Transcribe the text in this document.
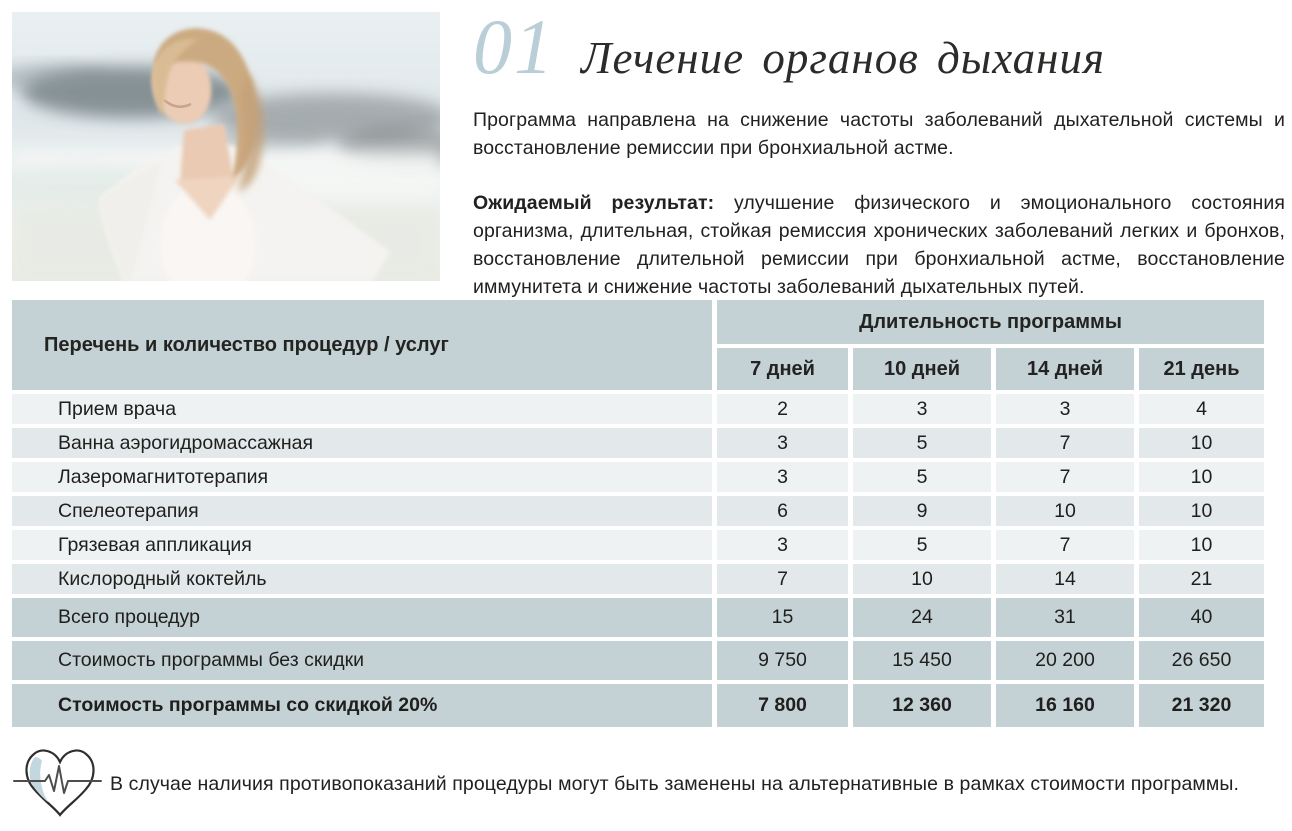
01 Лечение органов дыхания

Программа направлена на снижение частоты заболеваний дыхательной системы и восстановление ремиссии при бронхиальной астме.

Ожидаемый результат: улучшение физического и эмоционального состояния организма, длительная, стойкая ремиссия хронических заболеваний легких и бронхов, восстановление длительной ремиссии при бронхиальной астме, восстановление иммунитета и снижение частоты заболеваний дыхательных путей.

Перечень и количество процедур / услуг
Длительность программы
7 дней	10 дней	14 дней	21 день
Прием врача	2	3	3	4
Ванна аэрогидромассажная	3	5	7	10
Лазеромагнитотерапия	3	5	7	10
Спелеотерапия	6	9	10	10
Грязевая аппликация	3	5	7	10
Кислородный коктейль	7	10	14	21
Всего процедур	15	24	31	40
Стоимость программы без скидки	9 750	15 450	20 200	26 650
Стоимость программы со скидкой 20%	7 800	12 360	16 160	21 320
В случае наличия противопоказаний процедуры могут быть заменены на альтернативные в рамках стоимости программы.
